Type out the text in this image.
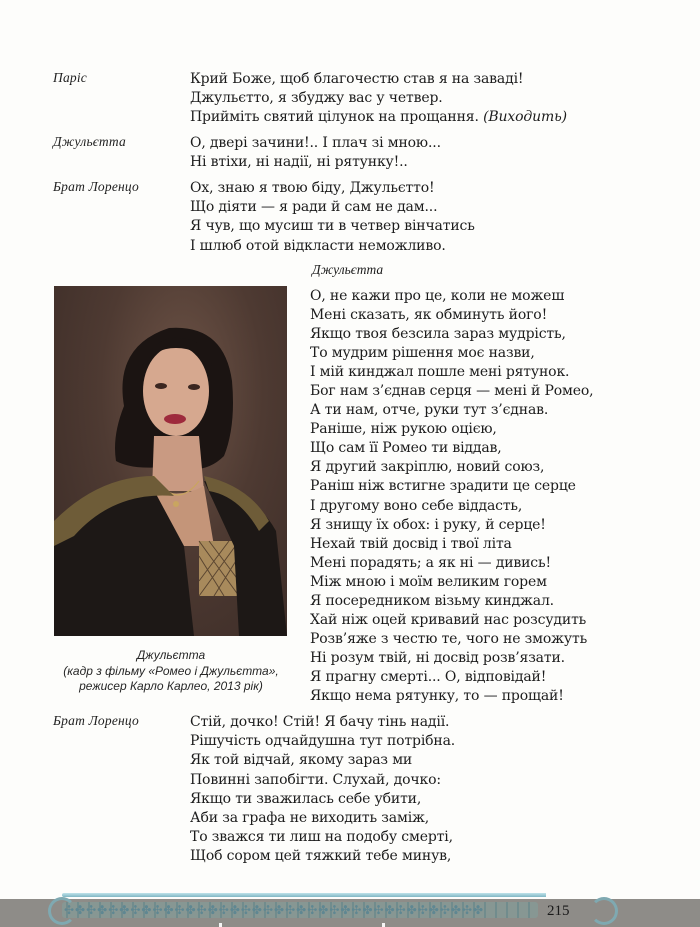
Паріс	Крий Боже, щоб благочестю став я на заваді!
Джульєтто, я збуджу вас у четвер.
Прийміть святий цілунок на прощання. (Виходить)
Джульєтта	О, двері зачини!.. І плач зі мною...
Ні втіхи, ні надії, ні рятунку!..
Брат Лоренцо	Ох, знаю я твою біду, Джульєтто!
Що діяти — я ради й сам не дам...
Я чув, що мусиш ти в четвер вінчатись
І шлюб отой відкласти неможливо.
Джульєтта
О, не кажи про це, коли не можеш
Мені сказать, як обминуть його!
Якщо твоя безсила зараз мудрість,
То мудрим рішення моє назви,
І мій кинджал пошле мені рятунок.
Бог нам з’єднав серця — мені й Ромео,
А ти нам, отче, руки тут з’єднав.
Раніше, ніж рукою оцією,
Що сам її Ромео ти віддав,
Я другий закріплю, новий союз,
Раніш ніж встигне зрадити це серце
І другому воно себе віддасть,
Я знищу їх обох: і руку, й серце!
Нехай твій досвід і твої літа
Мені порадять; а як ні — дивись!
Між мною і моїм великим горем
Я посередником візьму кинджал.
Хай ніж оцей кривавий нас розсудить
Розв’яже з честю те, чого не зможуть
Ні розум твій, ні досвід розв’язати.
Я прагну смерті... О, відповідай!
Якщо нема рятунку, то — прощай!
Джульєтта
(кадр з фільму «Ромео і Джульєтта»,
режисер Карло Карлео, 2013 рік)
Брат Лоренцо	Стій, дочко! Стій! Я бачу тінь надії.
Рішучість одчайдушна тут потрібна.
Як той відчай, якому зараз ми
Повинні запобігти. Слухай, дочко:
Якщо ти зважилась себе убити,
Аби за графа не виходить заміж,
То зважся ти лиш на подобу смерті,
Щоб сором цей тяжкий тебе минув,
✣✤✣✤✣✤✣✤✣✤✣✤✣✤✣✤✣✤✣✤✣✤✣✤✣✤✣✤✣✤✣✤✣✤✣✤✣✤	215
